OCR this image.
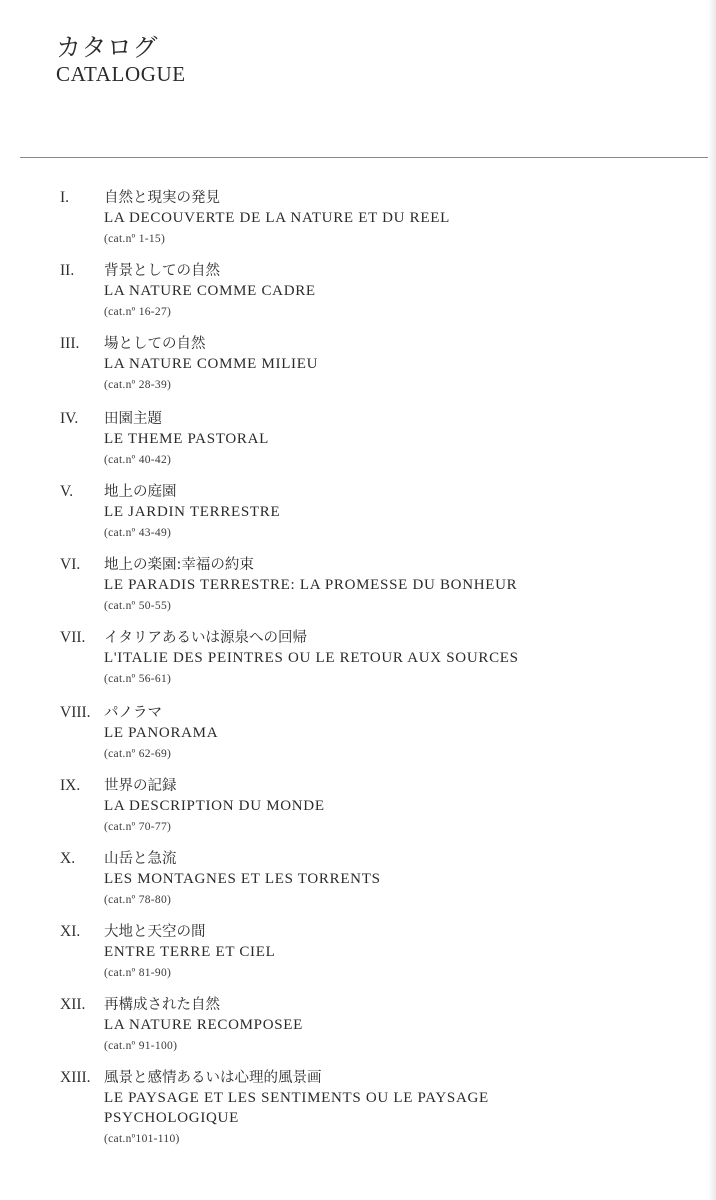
カタログ
CATALOGUE
I. 自然と現実の発見
LA DECOUVERTE DE LA NATURE ET DU REEL
(cat.nº 1-15)
II. 背景としての自然
LA NATURE COMME CADRE
(cat.nº 16-27)
III. 場としての自然
LA NATURE COMME MILIEU
(cat.nº 28-39)
IV. 田園主題
LE THEME PASTORAL
(cat.nº 40-42)
V. 地上の庭園
LE JARDIN TERRESTRE
(cat.nº 43-49)
VI. 地上の楽園:幸福の約束
LE PARADIS TERRESTRE: LA PROMESSE DU BONHEUR
(cat.nº 50-55)
VII. イタリアあるいは源泉への回帰
L'ITALIE DES PEINTRES OU LE RETOUR AUX SOURCES
(cat.nº 56-61)
VIII. パノラマ
LE PANORAMA
(cat.nº 62-69)
IX. 世界の記録
LA DESCRIPTION DU MONDE
(cat.nº 70-77)
X. 山岳と急流
LES MONTAGNES ET LES TORRENTS
(cat.nº 78-80)
XI. 大地と天空の間
ENTRE TERRE ET CIEL
(cat.nº 81-90)
XII. 再構成された自然
LA NATURE RECOMPOSEE
(cat.nº 91-100)
XIII. 風景と感情あるいは心理的風景画
LE PAYSAGE ET LES SENTIMENTS OU LE PAYSAGE PSYCHOLOGIQUE
(cat.nº101-110)
